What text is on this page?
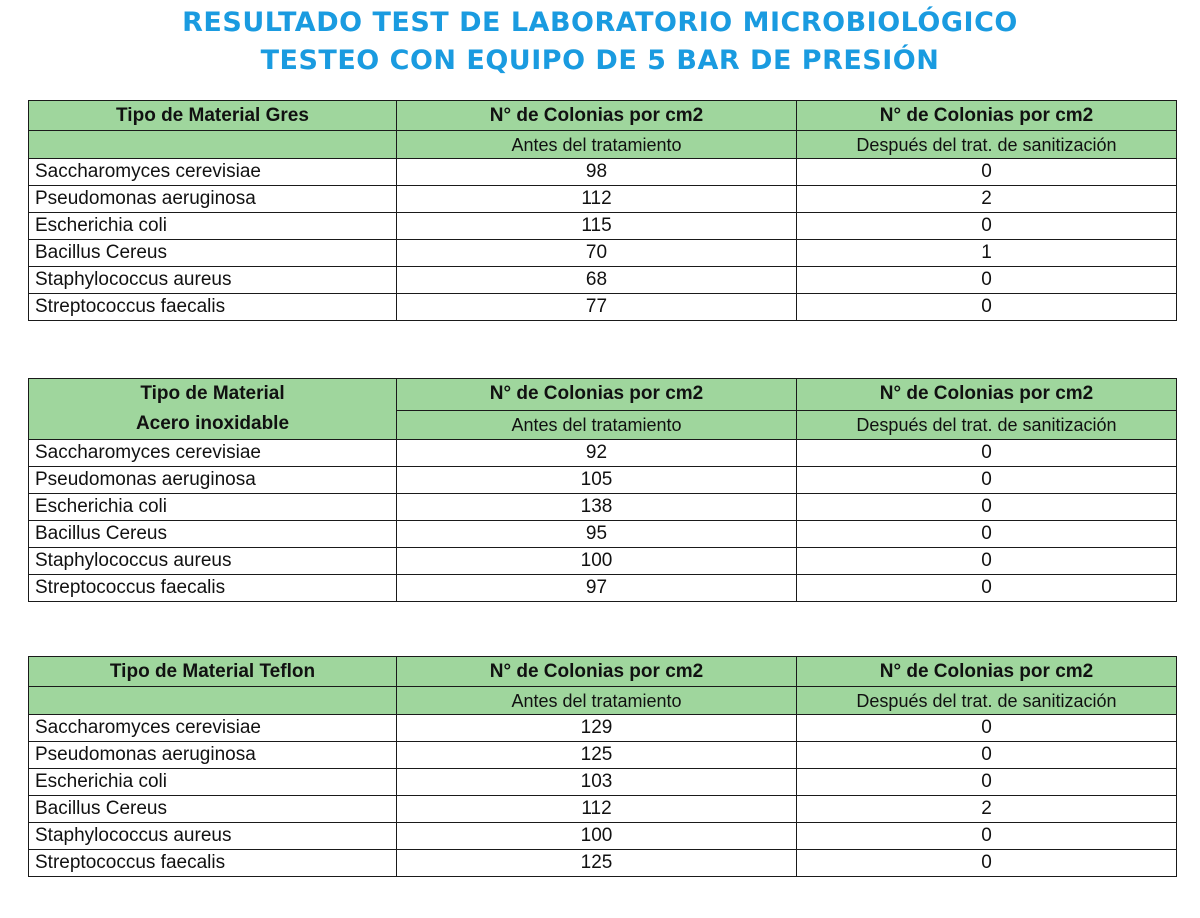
RESULTADO TEST DE LABORATORIO MICROBIOLÓGICO
TESTEO CON EQUIPO DE 5 BAR DE PRESIÓN
Tipo de Material Gres	N° de Colonias por cm2	N° de Colonias por cm2
	Antes del tratamiento	Después del trat. de sanitización
Saccharomyces cerevisiae	98	0
Pseudomonas aeruginosa	112	2
Escherichia coli	115	0
Bacillus Cereus	70	1
Staphylococcus aureus	68	0
Streptococcus faecalis	77	0
Tipo de Material
Acero inoxidable	N° de Colonias por cm2	N° de Colonias por cm2
	Antes del tratamiento	Después del trat. de sanitización
Saccharomyces cerevisiae	92	0
Pseudomonas aeruginosa	105	0
Escherichia coli	138	0
Bacillus Cereus	95	0
Staphylococcus aureus	100	0
Streptococcus faecalis	97	0
Tipo de Material Teflon	N° de Colonias por cm2	N° de Colonias por cm2
	Antes del tratamiento	Después del trat. de sanitización
Saccharomyces cerevisiae	129	0
Pseudomonas aeruginosa	125	0
Escherichia coli	103	0
Bacillus Cereus	112	2
Staphylococcus aureus	100	0
Streptococcus faecalis	125	0
